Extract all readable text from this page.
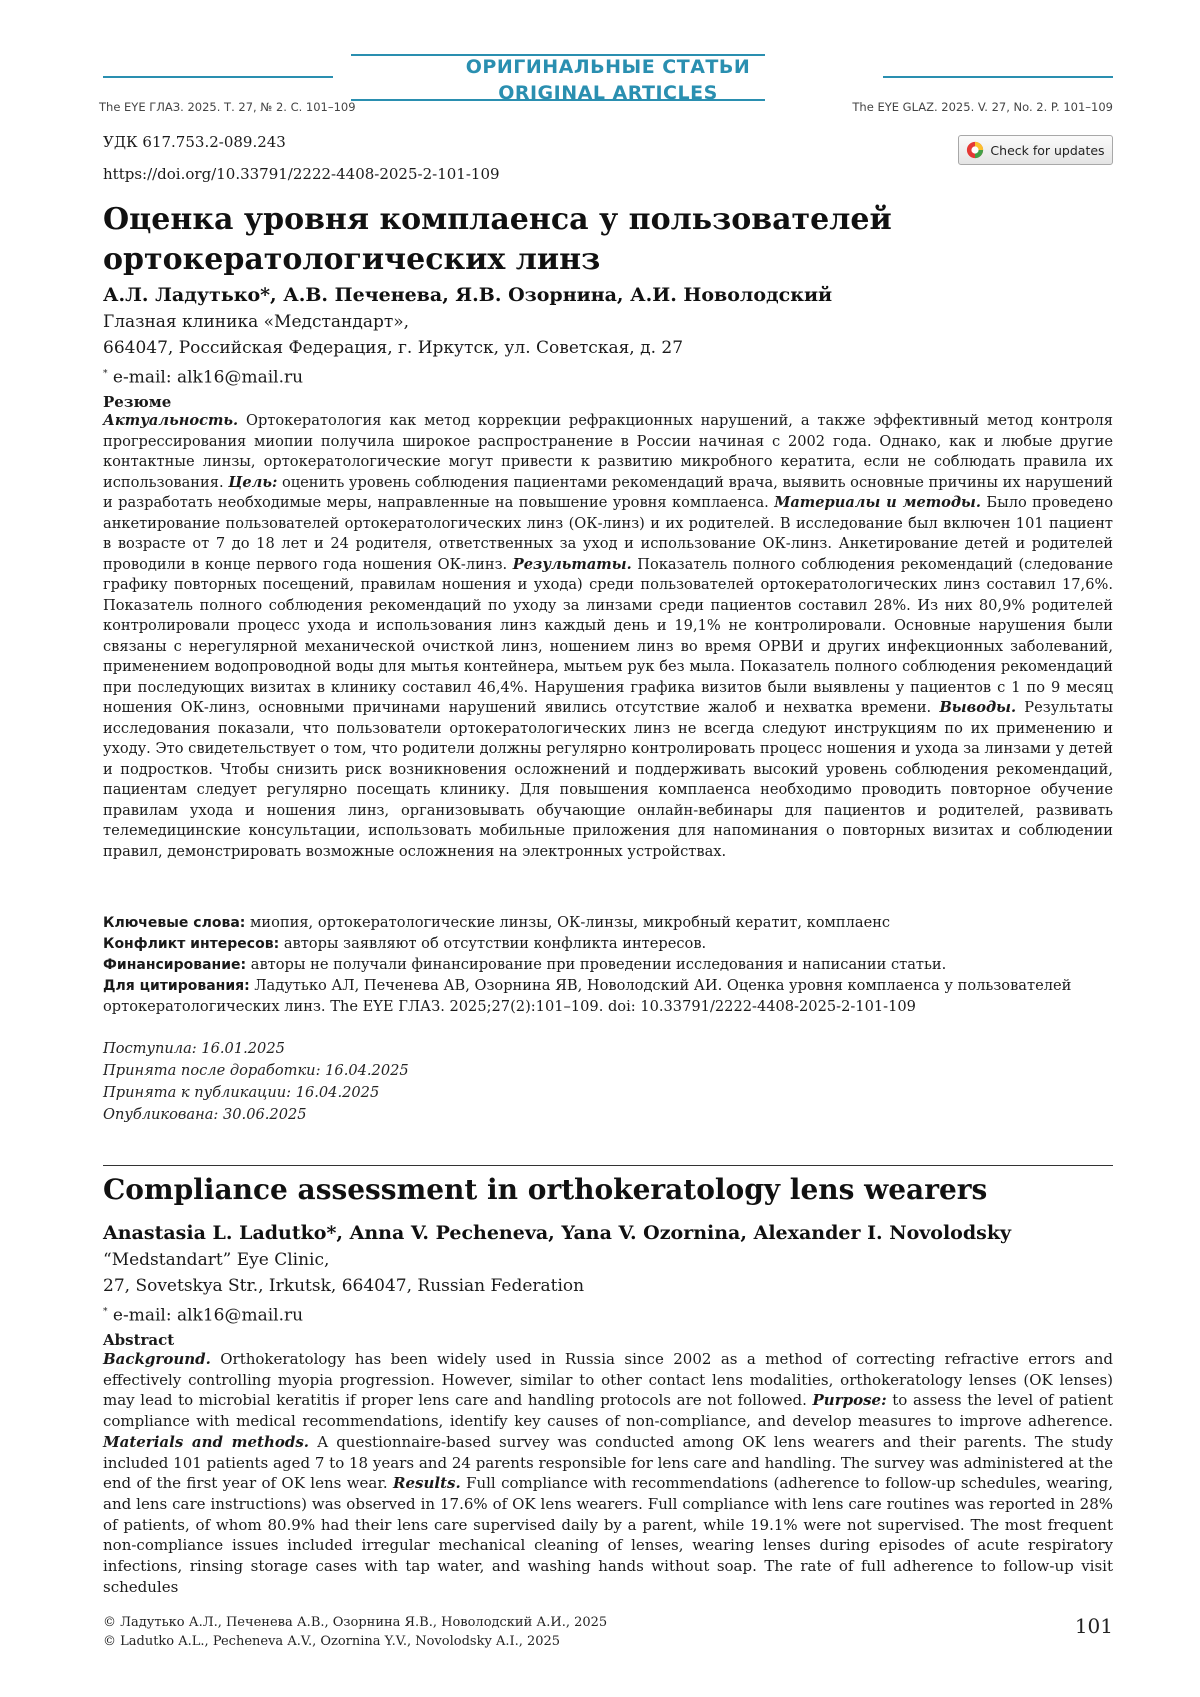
ОРИГИНАЛЬНЫЕ СТАТЬИ
ORIGINAL ARTICLES
The EYE ГЛАЗ. 2025. Т. 27, № 2. С. 101–109	The EYE GLAZ. 2025. V. 27, No. 2. P. 101–109
УДК 617.753.2-089.243
https://doi.org/10.33791/2222-4408-2025-2-101-109
Check for updates
Оценка уровня комплаенса у пользователей
ортокератологических линз
А.Л. Ладутько*, А.В. Печенева, Я.В. Озорнина, А.И. Новолодский
Глазная клиника «Медстандарт»,
664047, Российская Федерация, г. Иркутск, ул. Советская, д. 27
* e-mail: alk16@mail.ru
Резюме
Актуальность. Ортокератология как метод коррекции рефракционных нарушений, а также эффективный метод контроля прогрессирования миопии получила широкое распространение в России начиная с 2002 года. Однако, как и любые другие контактные линзы, ортокератологические могут привести к развитию микробного кератита, если не соблюдать правила их использования. Цель: оценить уровень соблюдения пациентами рекомендаций врача, выявить основные причины их нарушений и разработать необходимые меры, направленные на повышение уровня комплаенса. Материалы и методы. Было проведено анкетирование пользователей ортокератологических линз (ОК-линз) и их родителей. В исследование был включен 101 пациент в возрасте от 7 до 18 лет и 24 родителя, ответственных за уход и использование ОК-линз. Анкетирование детей и родителей проводили в конце первого года ношения ОК-линз. Результаты. Показатель полного соблюдения рекомендаций (следование графику повторных посещений, правилам ношения и ухода) среди пользователей ортокератологических линз составил 17,6%. Показатель полного соблюдения рекомендаций по уходу за линзами среди пациентов составил 28%. Из них 80,9% родителей контролировали процесс ухода и использования линз каждый день и 19,1% не контролировали. Основные нарушения были связаны с нерегулярной механической очисткой линз, ношением линз во время ОРВИ и других инфекционных заболеваний, применением водопроводной воды для мытья контейнера, мытьем рук без мыла. Показатель полного соблюдения рекомендаций при последующих визитах в клинику составил 46,4%. Нарушения графика визитов были выявлены у пациентов с 1 по 9 месяц ношения ОК-линз, основными причинами нарушений явились отсутствие жалоб и нехватка времени. Выводы. Результаты исследования показали, что пользователи ортокератологических линз не всегда следуют инструкциям по их применению и уходу. Это свидетельствует о том, что родители должны регулярно контролировать процесс ношения и ухода за линзами у детей и подростков. Чтобы снизить риск возникновения осложнений и поддерживать высокий уровень соблюдения рекомендаций, пациентам следует регулярно посещать клинику. Для повышения комплаенса необходимо проводить повторное обучение правилам ухода и ношения линз, организовывать обучающие онлайн-вебинары для пациентов и родителей, развивать телемедицинские консультации, использовать мобильные приложения для напоминания о повторных визитах и соблюдении правил, демонстрировать возможные осложнения на электронных устройствах.
Ключевые слова: миопия, ортокератологические линзы, ОК-линзы, микробный кератит, комплаенс
Конфликт интересов: авторы заявляют об отсутствии конфликта интересов.
Финансирование: авторы не получали финансирование при проведении исследования и написании статьи.
Для цитирования: Ладутько АЛ, Печенева АВ, Озорнина ЯВ, Новолодский АИ. Оценка уровня комплаенса у пользователей ортокератологических линз. The EYE ГЛАЗ. 2025;27(2):101–109. doi: 10.33791/2222-4408-2025-2-101-109
Поступила: 16.01.2025
Принята после доработки: 16.04.2025
Принята к публикации: 16.04.2025
Опубликована: 30.06.2025
Compliance assessment in orthokeratology lens wearers
Anastasia L. Ladutko*, Anna V. Pecheneva, Yana V. Ozornina, Alexander I. Novolodsky
“Medstandart” Eye Clinic,
27, Sovetskya Str., Irkutsk, 664047, Russian Federation
* e-mail: alk16@mail.ru
Abstract
Background. Orthokeratology has been widely used in Russia since 2002 as a method of correcting refractive errors and effectively controlling myopia progression. However, similar to other contact lens modalities, orthokeratology lenses (OK lenses) may lead to microbial keratitis if proper lens care and handling protocols are not followed. Purpose: to assess the level of patient compliance with medical recommendations, identify key causes of non-compliance, and develop measures to improve adherence. Materials and methods. A questionnaire-based survey was conducted among OK lens wearers and their parents. The study included 101 patients aged 7 to 18 years and 24 parents responsible for lens care and handling. The survey was administered at the end of the first year of OK lens wear. Results. Full compliance with recommendations (adherence to follow-up schedules, wearing, and lens care instructions) was observed in 17.6% of OK lens wearers. Full compliance with lens care routines was reported in 28% of patients, of whom 80.9% had their lens care supervised daily by a parent, while 19.1% were not supervised. The most frequent non-compliance issues included irregular mechanical cleaning of lenses, wearing lenses during episodes of acute respiratory infections, rinsing storage cases with tap water, and washing hands without soap. The rate of full adherence to follow-up visit schedules
© Ладутько А.Л., Печенева А.В., Озорнина Я.В., Новолодский А.И., 2025
© Ladutko A.L., Pecheneva A.V., Ozornina Y.V., Novolodsky A.I., 2025
101
